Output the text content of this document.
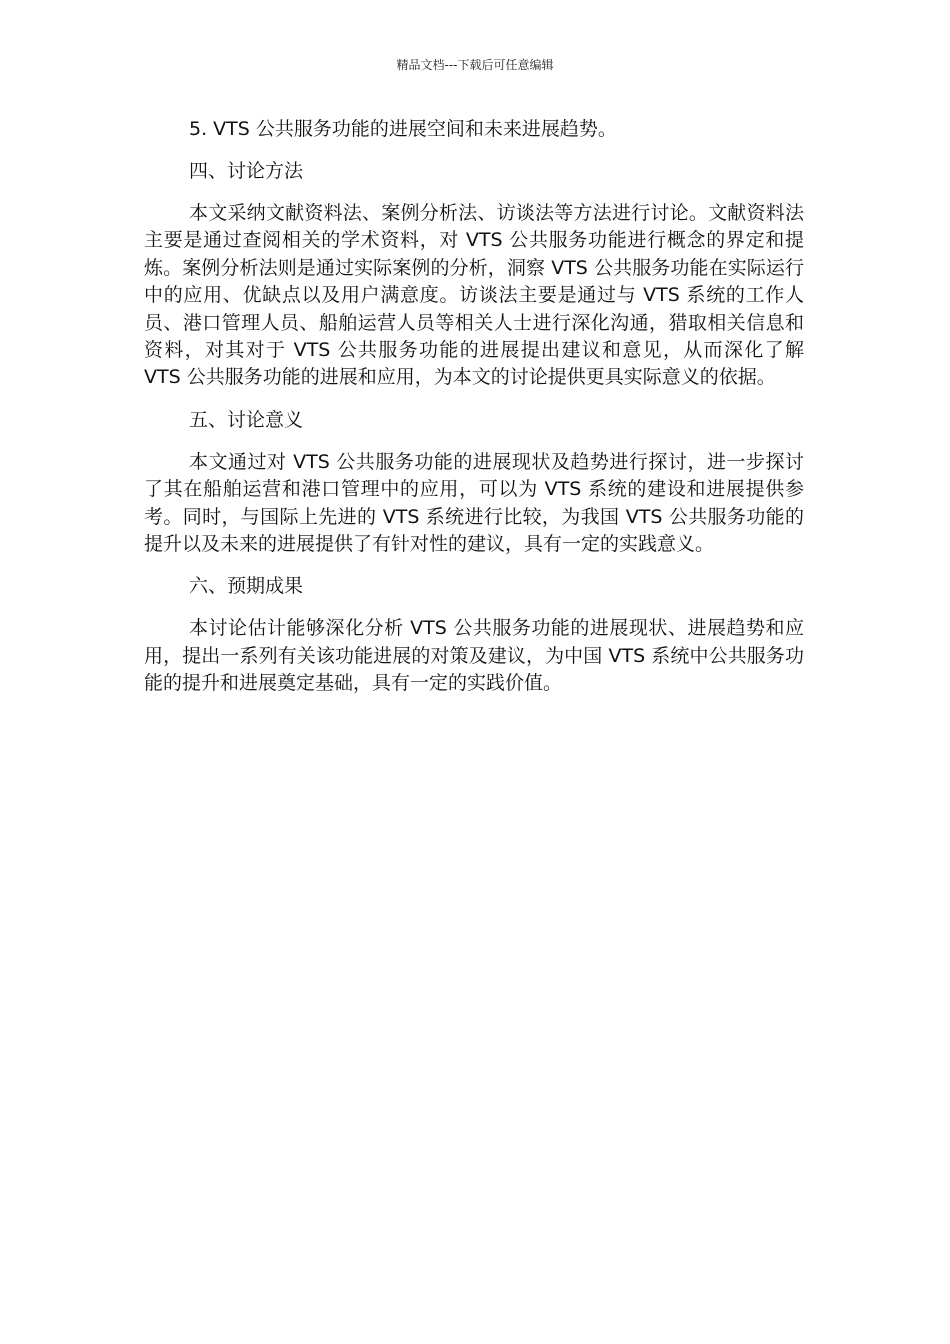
精品文档---下载后可任意编辑

5. VTS 公共服务功能的进展空间和未来进展趋势。

四、讨论方法

本文采纳文献资料法、案例分析法、访谈法等方法进行讨论。文献资料法主要是通过查阅相关的学术资料，对 VTS 公共服务功能进行概念的界定和提炼。案例分析法则是通过实际案例的分析，洞察 VTS 公共服务功能在实际运行中的应用、优缺点以及用户满意度。访谈法主要是通过与 VTS 系统的工作人员、港口管理人员、船舶运营人员等相关人士进行深化沟通，猎取相关信息和资料，对其对于 VTS 公共服务功能的进展提出建议和意见，从而深化了解 VTS 公共服务功能的进展和应用，为本文的讨论提供更具实际意义的依据。

五、讨论意义

本文通过对 VTS 公共服务功能的进展现状及趋势进行探讨，进一步探讨了其在船舶运营和港口管理中的应用，可以为 VTS 系统的建设和进展提供参考。同时，与国际上先进的 VTS 系统进行比较，为我国 VTS 公共服务功能的提升以及未来的进展提供了有针对性的建议，具有一定的实践意义。

六、预期成果

本讨论估计能够深化分析 VTS 公共服务功能的进展现状、进展趋势和应用，提出一系列有关该功能进展的对策及建议，为中国 VTS 系统中公共服务功能的提升和进展奠定基础，具有一定的实践价值。
